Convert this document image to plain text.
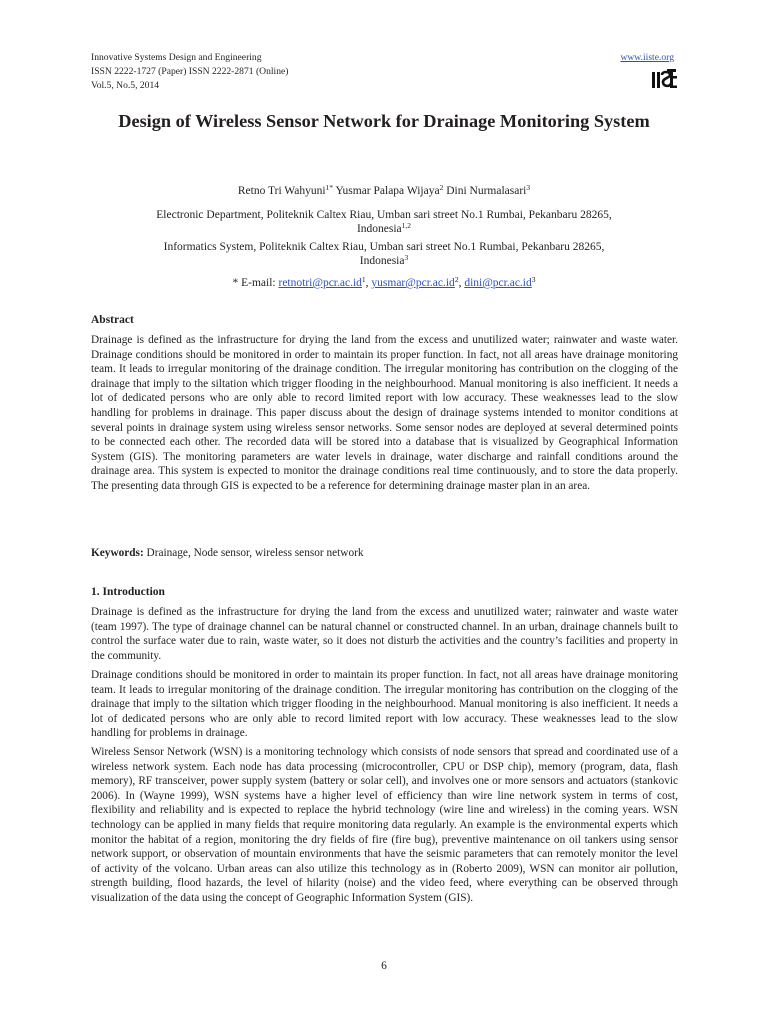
Innovative Systems Design and Engineering
ISSN 2222-1727 (Paper) ISSN 2222-2871 (Online)
Vol.5, No.5, 2014
www.iiste.org
Design of Wireless Sensor Network for Drainage Monitoring System
Retno Tri Wahyuni$^{1*}$ Yusmar Palapa Wijaya$^2$ Dini Nurmalasari$^3$
Electronic Department, Politeknik Caltex Riau, Umban sari street No.1 Rumbai, Pekanbaru 28265,
Indonesia$^{1,2}$
Informatics System, Politeknik Caltex Riau, Umban sari street No.1 Rumbai, Pekanbaru 28265,
Indonesia$^3$
* E-mail: $retnotri@pcr.ac.id^1$, $yusmar@pcr.ac.id^2$, $dini@pcr.ac.id^3$
Abstract

Drainage is defined as the infrastructure for drying the land from the excess and unutilized water; rainwater and waste water. Drainage conditions should be monitored in order to maintain its proper function. In fact, not all areas have drainage monitoring team. It leads to irregular monitoring of the drainage condition. The irregular monitoring has contribution on the clogging of the drainage that imply to the siltation which trigger flooding in the neighbourhood. Manual monitoring is also inefficient. It needs a lot of dedicated persons who are only able to record limited report with low accuracy. These weaknesses lead to the slow handling for problems in drainage. This paper discuss about the design of drainage systems intended to monitor conditions at several points in drainage system using wireless sensor networks. Some sensor nodes are deployed at several determined points to be connected each other. The recorded data will be stored into a database that is visualized by Geographical Information System (GIS). The monitoring parameters are water levels in drainage, water discharge and rainfall conditions around the drainage area. This system is expected to monitor the drainage conditions real time continuously, and to store the data properly. The presenting data through GIS is expected to be a reference for determining drainage master plan in an area.

Keywords: Drainage, Node sensor, wireless sensor network
1. Introduction

Drainage is defined as the infrastructure for drying the land from the excess and unutilized water; rainwater and waste water (team 1997). The type of drainage channel can be natural channel or constructed channel. In an urban, drainage channels built to control the surface water due to rain, waste water, so it does not disturb the activities and the country’s facilities and property in the community.

Drainage conditions should be monitored in order to maintain its proper function. In fact, not all areas have drainage monitoring team. It leads to irregular monitoring of the drainage condition. The irregular monitoring has contribution on the clogging of the drainage that imply to the siltation which trigger flooding in the neighbourhood. Manual monitoring is also inefficient. It needs a lot of dedicated persons who are only able to record limited report with low accuracy. These weaknesses lead to the slow handling for problems in drainage.

Wireless Sensor Network (WSN) is a monitoring technology which consists of node sensors that spread and coordinated use of a wireless network system. Each node has data processing (microcontroller, CPU or DSP chip), memory (program, data, flash memory), RF transceiver, power supply system (battery or solar cell), and involves one or more sensors and actuators (stankovic 2006). In (Wayne 1999), WSN systems have a higher level of efficiency than wire line network system in terms of cost, flexibility and reliability and is expected to replace the hybrid technology (wire line and wireless) in the coming years. WSN technology can be applied in many fields that require monitoring data regularly. An example is the environmental experts which monitor the habitat of a region, monitoring the dry fields of fire (fire bug), preventive maintenance on oil tankers using sensor network support, or observation of mountain environments that have the seismic parameters that can remotely monitor the level of activity of the volcano. Urban areas can also utilize this technology as in (Roberto 2009), WSN can monitor air pollution, strength building, flood hazards, the level of hilarity (noise) and the video feed, where everything can be observed through visualization of the data using the concept of Geographic Information System (GIS).

6
